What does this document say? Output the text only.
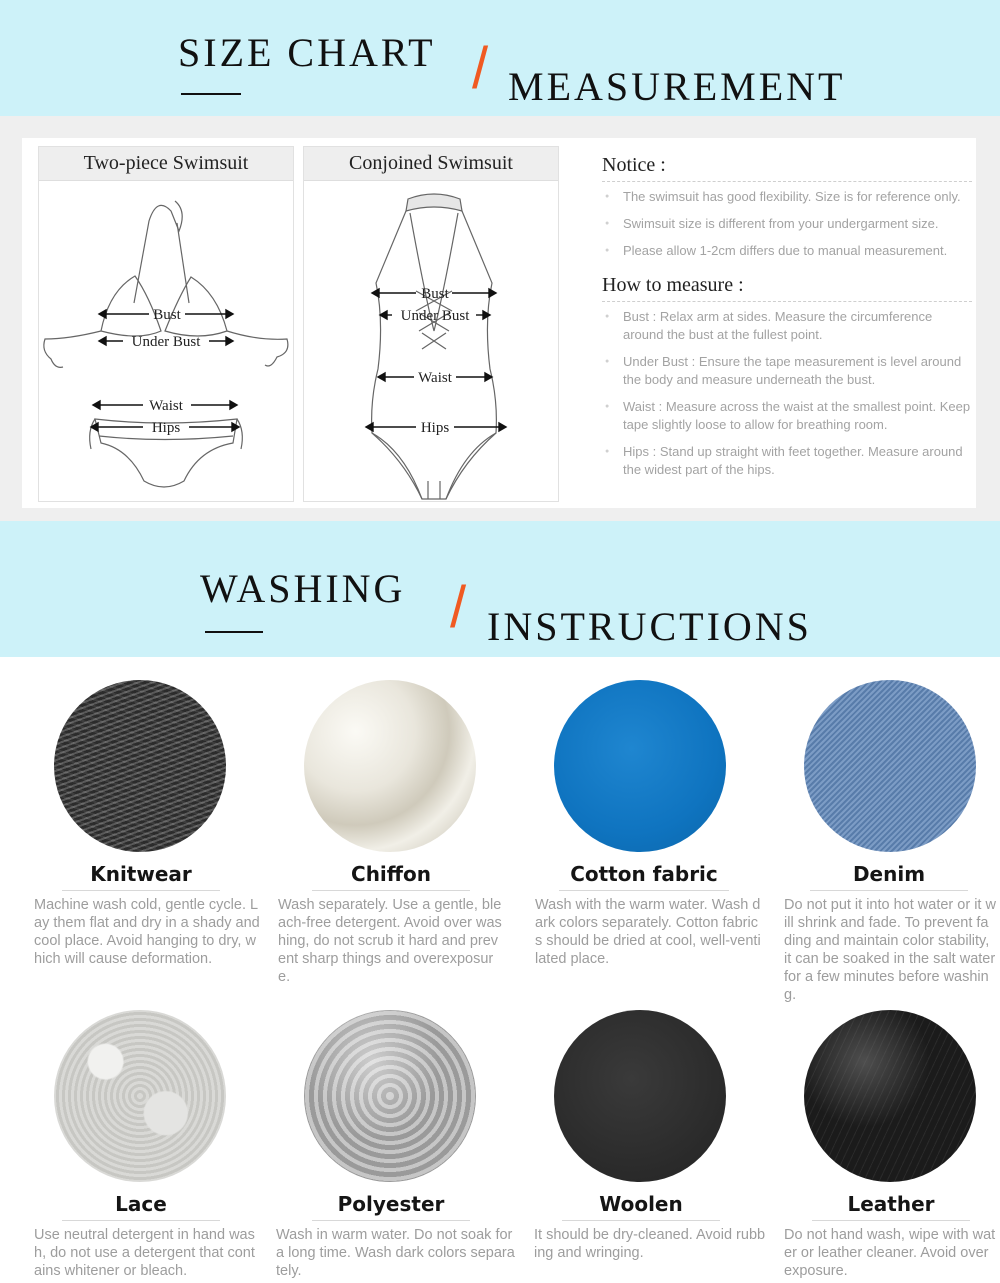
SIZE CHART / MEASUREMENT
Two-piece Swimsuit
Bust
Under Bust
Waist
Hips
Conjoined Swimsuit
Bust
Under Bust
Waist
Hips
Notice :
● The swimsuit has good flexibility. Size is for reference only.
● Swimsuit size is different from your undergarment size.
● Please allow 1-2cm differs due to manual measurement.
How to measure :
● Bust : Relax arm at sides. Measure the circumference around the bust at the fullest point.
● Under Bust : Ensure the tape measurement is level around the body and measure underneath the bust.
● Waist : Measure across the waist at the smallest point. Keep tape slightly loose to allow for breathing room.
● Hips : Stand up straight with feet together. Measure around the widest part of the hips.
WASHING / INSTRUCTIONS
Knitwear
Machine wash cold, gentle cycle. Lay them flat and dry in a shady and cool place. Avoid hanging to dry, which will cause deformation.
Chiffon
Wash separately. Use a gentle, bleach-free detergent. Avoid over washing, do not scrub it hard and prevent sharp things and overexposure.
Cotton fabric
Wash with the warm water. Wash dark colors separately. Cotton fabrics should be dried at cool, well-ventilated place.
Denim
Do not put it into hot water or it will shrink and fade. To prevent fading and maintain color stability, it can be soaked in the salt water for a few minutes before washing.
Lace
Use neutral detergent in hand wash, do not use a detergent that contains whitener or bleach.
Polyester
Wash in warm water. Do not soak for a long time. Wash dark colors separately.
Woolen
It should be dry-cleaned. Avoid rubbing and wringing.
Leather
Do not hand wash, wipe with water or leather cleaner. Avoid over exposure.
